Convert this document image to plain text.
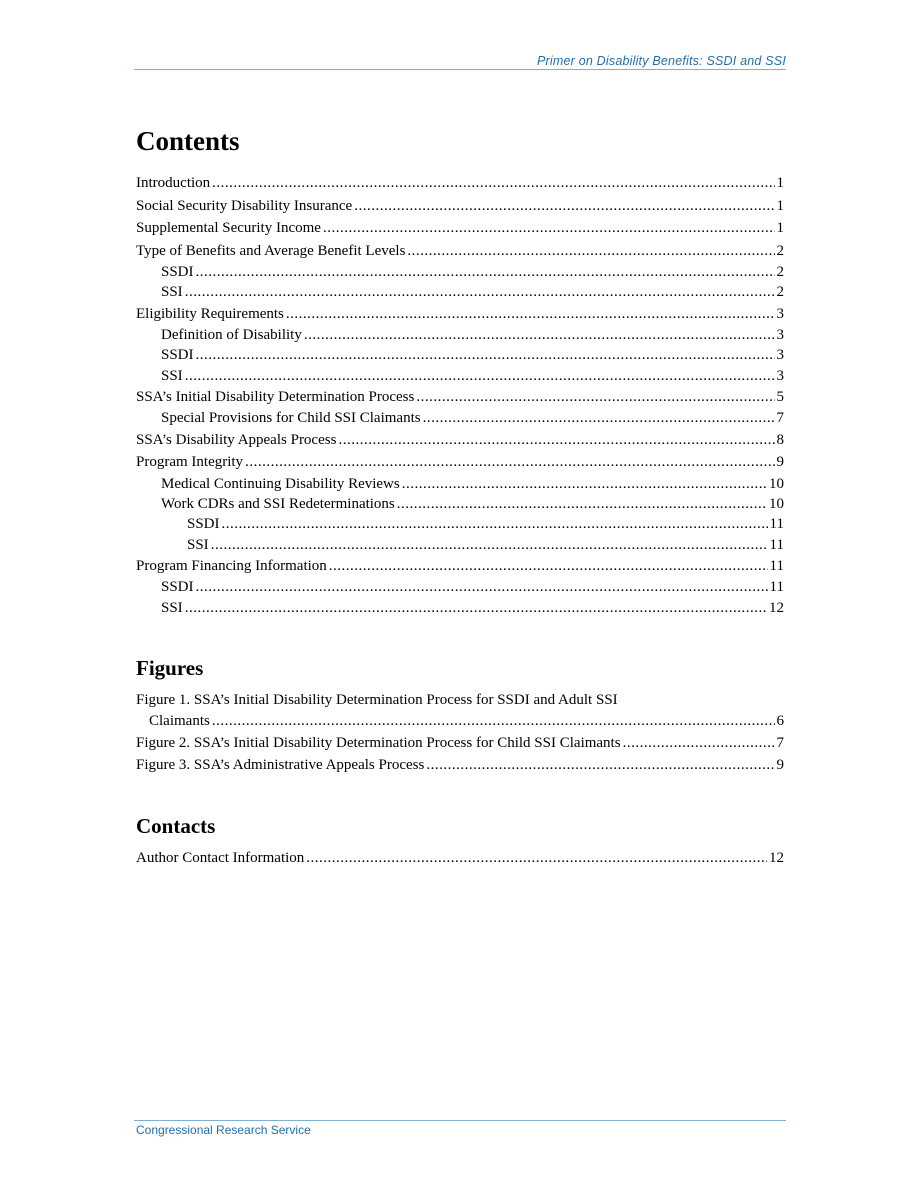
Primer on Disability Benefits: SSDI and SSI
Contents
Introduction .....	1
Social Security Disability Insurance .....	1
Supplemental Security Income .....	1
Type of Benefits and Average Benefit Levels .....	2
SSDI .....	2
SSI .....	2
Eligibility Requirements .....	3
Definition of Disability .....	3
SSDI .....	3
SSI .....	3
SSA’s Initial Disability Determination Process .....	5
Special Provisions for Child SSI Claimants .....	7
SSA’s Disability Appeals Process .....	8
Program Integrity .....	9
Medical Continuing Disability Reviews .....	10
Work CDRs and SSI Redeterminations .....	10
SSDI .....	11
SSI .....	11
Program Financing Information .....	11
SSDI .....	11
SSI .....	12
Figures
Figure 1. SSA’s Initial Disability Determination Process for SSDI and Adult SSI
Claimants .....	6
Figure 2. SSA’s Initial Disability Determination Process for Child SSI Claimants .....	7
Figure 3. SSA’s Administrative Appeals Process .....	9
Contacts
Author Contact Information .....	12
Congressional Research Service
